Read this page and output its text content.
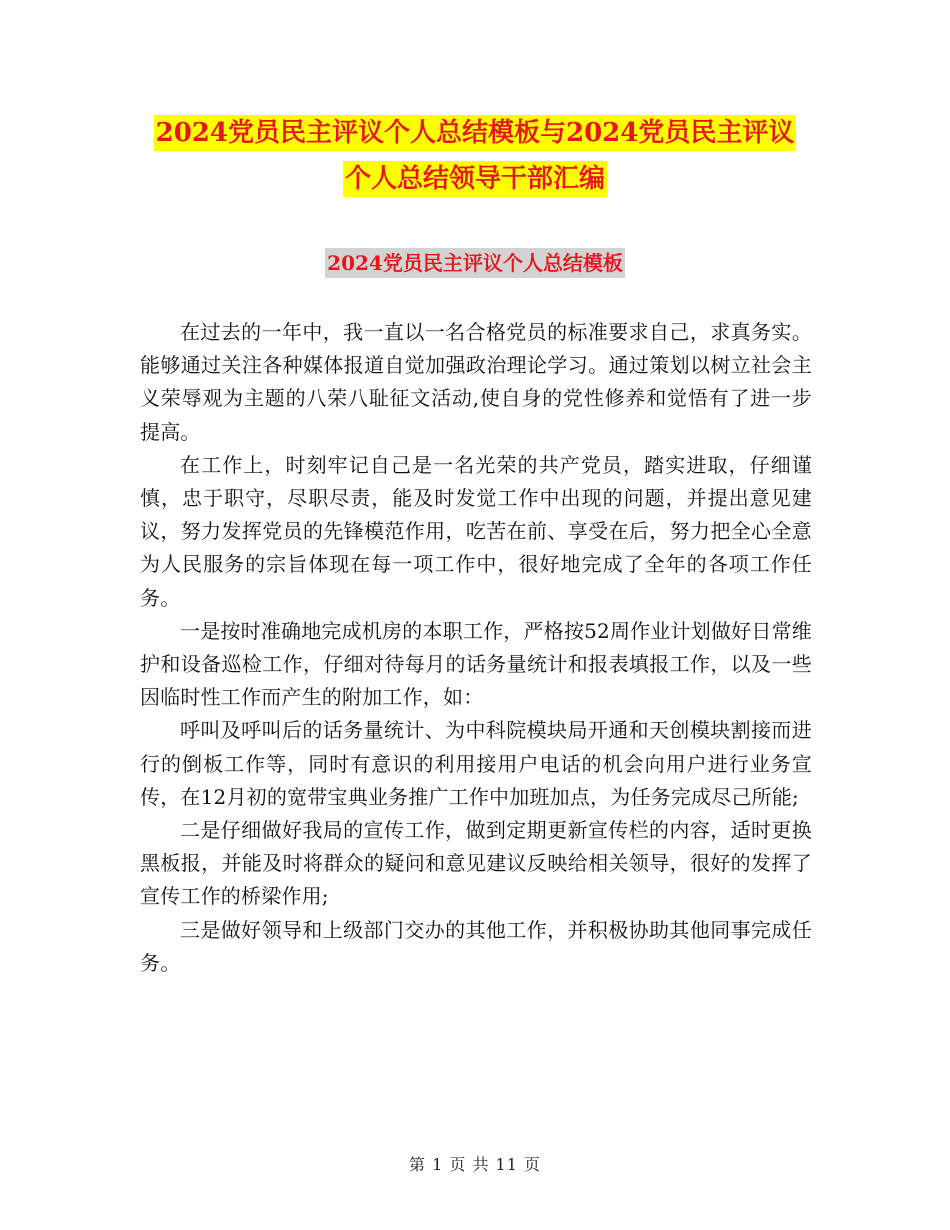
2024党员民主评议个人总结模板与2024党员民主评议
个人总结领导干部汇编
2024党员民主评议个人总结模板

在过去的一年中，我一直以一名合格党员的标准要求自己，求真务实。能够通过关注各种媒体报道自觉加强政治理论学习。通过策划以树立社会主义荣辱观为主题的八荣八耻征文活动,使自身的党性修养和觉悟有了进一步提高。

在工作上，时刻牢记自己是一名光荣的共产党员，踏实进取，仔细谨慎，忠于职守，尽职尽责，能及时发觉工作中出现的问题，并提出意见建议，努力发挥党员的先锋模范作用，吃苦在前、享受在后，努力把全心全意为人民服务的宗旨体现在每一项工作中，很好地完成了全年的各项工作任务。

一是按时准确地完成机房的本职工作，严格按52周作业计划做好日常维护和设备巡检工作，仔细对待每月的话务量统计和报表填报工作，以及一些因临时性工作而产生的附加工作，如：

呼叫及呼叫后的话务量统计、为中科院模块局开通和天创模块割接而进行的倒板工作等，同时有意识的利用接用户电话的机会向用户进行业务宣传，在12月初的宽带宝典业务推广工作中加班加点，为任务完成尽己所能;

二是仔细做好我局的宣传工作，做到定期更新宣传栏的内容，适时更换黑板报，并能及时将群众的疑问和意见建议反映给相关领导，很好的发挥了宣传工作的桥梁作用;

三是做好领导和上级部门交办的其他工作，并积极协助其他同事完成任务。

第 1 页 共 11 页
